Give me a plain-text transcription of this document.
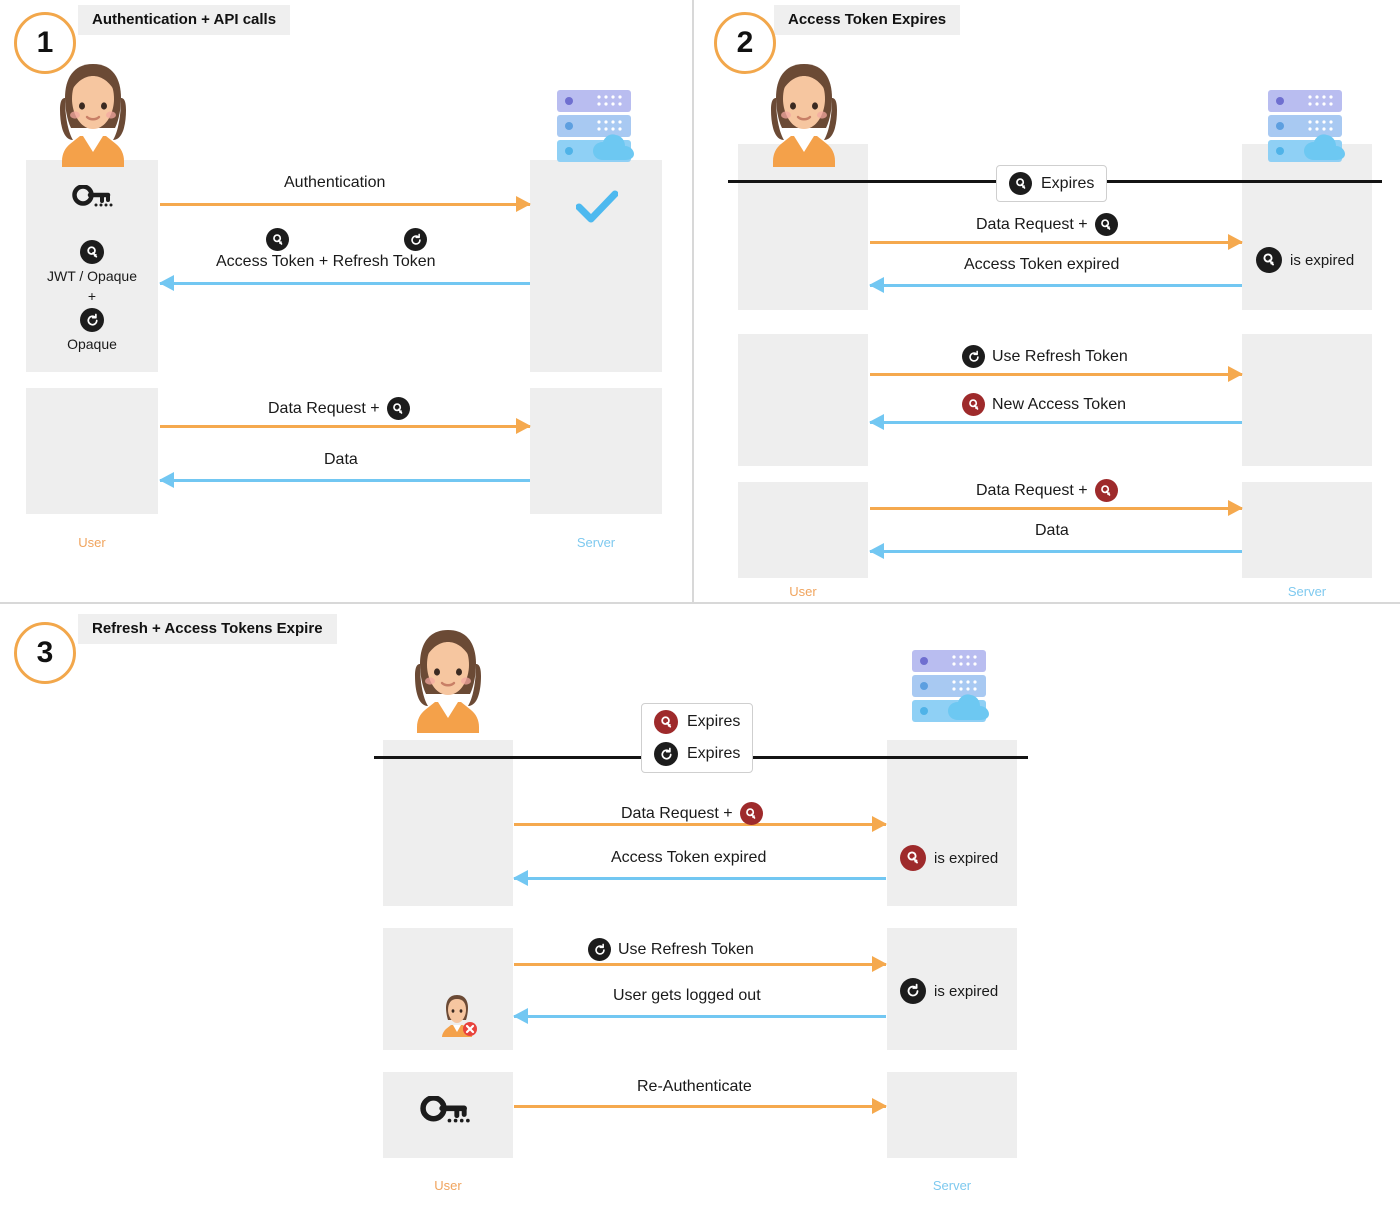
1
Authentication + API calls
JWT / Opaque
+
Opaque
Authentication
Access Token + Refresh Token
Data Request +
Data
User	Server
2
Access Token Expires
Expires
Data Request +
Access Token expired	is expired
Use Refresh Token
New Access Token
Data Request +
Data
User	Server
3
Refresh + Access Tokens Expire
Expires
Expires
Data Request +
Access Token expired	is expired
Use Refresh Token
User gets logged out	is expired
Re-Authenticate
User	Server
